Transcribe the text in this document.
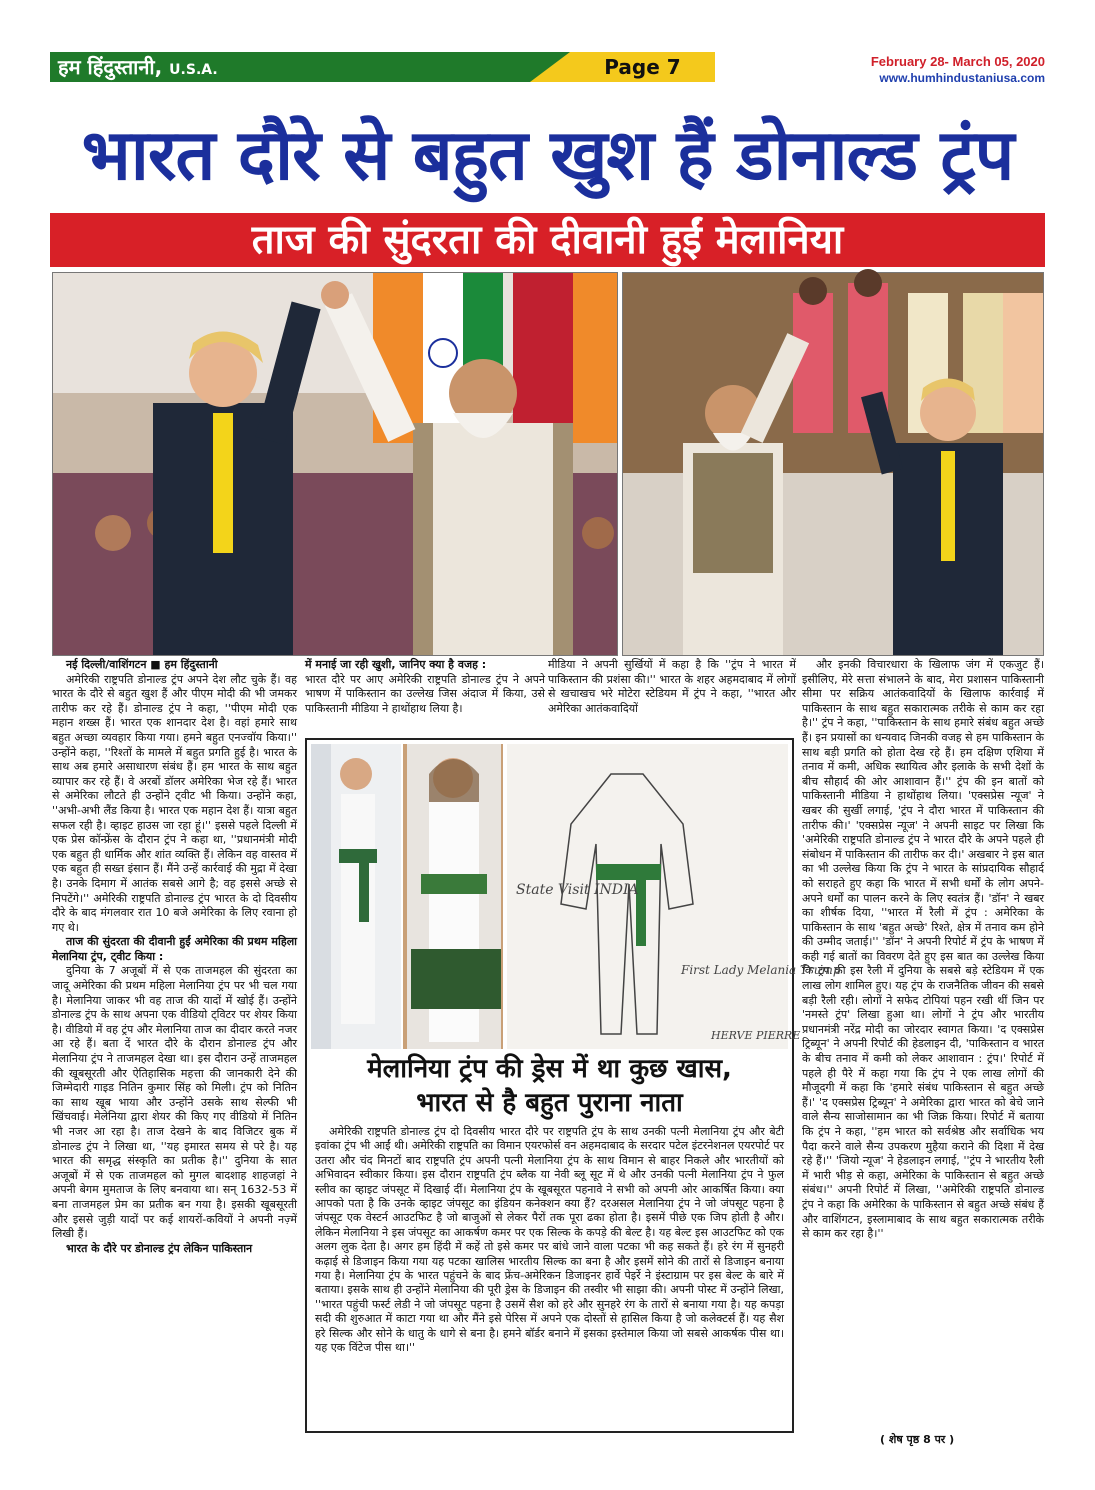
हम हिंदुस्तानी, U.S.A.	Page 7	February 28- March 05, 2020
www.humhindustaniusa.com
भारत दौरे से बहुत खुश हैं डोनाल्ड ट्रंप
ताज की सुंदरता की दीवानी हुईं मेलानिया

नई दिल्ली/वाशिंगटन ■ हम हिंदुस्तानी

अमेरिकी राष्ट्रपति डोनाल्ड ट्रंप अपने देश लौट चुके हैं। वह भारत के दौरे से बहुत खुश हैं और पीएम मोदी की भी जमकर तारीफ कर रहे हैं। डोनाल्ड ट्रंप ने कहा, ''पीएम मोदी एक महान शख्स हैं। भारत एक शानदार देश है। वहां हमारे साथ बहुत अच्छा व्यवहार किया गया। हमने बहुत एनज्वॉय किया।'' उन्होंने कहा, ''रिश्तों के मामले में बहुत प्रगति हुई है। भारत के साथ अब हमारे असाधारण संबंध हैं। हम भारत के साथ बहुत व्यापार कर रहे हैं। वे अरबों डॉलर अमेरिका भेज रहे हैं। भारत से अमेरिका लौटते ही उन्होंने ट्वीट भी किया। उन्होंने कहा, ''अभी-अभी लैंड किया है। भारत एक महान देश हैं। यात्रा बहुत सफल रही है। व्हाइट हाउस जा रहा हूं।'' इससे पहले दिल्ली में एक प्रेस कॉन्फ्रेंस के दौरान ट्रंप ने कहा था, ''प्रधानमंत्री मोदी एक बहुत ही धार्मिक और शांत व्यक्ति हैं। लेकिन वह वास्तव में एक बहुत ही सख्त इंसान हैं। मैंने उन्हें कार्रवाई की मुद्रा में देखा है। उनके दिमाग में आतंक सबसे आगे है; वह इससे अच्छे से निपटेंगे।'' अमेरिकी राष्ट्रपति डोनाल्ड ट्रंप भारत के दो दिवसीय दौरे के बाद मंगलवार रात 10 बजे अमेरिका के लिए रवाना हो गए थे।

ताज की सुंदरता की दीवानी हुईं अमेरिका की प्रथम महिला मेलानिया ट्रंप, ट्वीट किया :

दुनिया के 7 अजूबों में से एक ताजमहल की सुंदरता का जादू अमेरिका की प्रथम महिला मेलानिया ट्रंप पर भी चल गया है। मेलानिया जाकर भी वह ताज की यादों में खोई हैं। उन्होंने डोनाल्ड ट्रंप के साथ अपना एक वीडियो ट्विटर पर शेयर किया है। वीडियो में वह ट्रंप और मेलानिया ताज का दीदार करते नजर आ रहे हैं। बता दें भारत दौरे के दौरान डोनाल्ड ट्रंप और मेलानिया ट्रंप ने ताजमहल देखा था। इस दौरान उन्हें ताजमहल की खूबसूरती और ऐतिहासिक महत्ता की जानकारी देने की जिम्मेदारी गाइड नितिन कुमार सिंह को मिली। ट्रंप को नितिन का साथ खूब भाया और उन्होंने उसके साथ सेल्फी भी खिंचवाई। मेलेनिया द्वारा शेयर की किए गए वीडियो में नितिन भी नजर आ रहा है। ताज देखने के बाद विजिटर बुक में डोनाल्ड ट्रंप ने लिखा था, ''यह इमारत समय से परे है। यह भारत की समृद्ध संस्कृति का प्रतीक है।'' दुनिया के सात अजूबों में से एक ताजमहल को मुगल बादशाह शाहजहां ने अपनी बेगम मुमताज के लिए बनवाया था। सन् 1632-53 में बना ताजमहल प्रेम का प्रतीक बन गया है। इसकी खूबसूरती और इससे जुड़ी यादों पर कई शायरों-कवियों ने अपनी नज़्में लिखी हैं।

भारत के दौरे पर डोनाल्ड ट्रंप लेकिन पाकिस्तान

में मनाई जा रही खुशी, जानिए क्या है वजह :

भारत दौरे पर आए अमेरिकी राष्ट्रपति डोनाल्ड ट्रंप ने अपने भाषण में पाकिस्तान का उल्लेख जिस अंदाज में किया, उसे पाकिस्तानी मीडिया ने हाथोंहाथ लिया है।

मीडिया ने अपनी सुर्खियों में कहा है कि ''ट्रंप ने भारत में पाकिस्तान की प्रशंसा की।'' भारत के शहर अहमदाबाद में लोगों से खचाखच भरे मोटेरा स्टेडियम में ट्रंप ने कहा, ''भारत और अमेरिका आतंकवादियों

और इनकी विचारधारा के खिलाफ जंग में एकजुट हैं। इसीलिए, मेरे सत्ता संभालने के बाद, मेरा प्रशासन पाकिस्तानी सीमा पर सक्रिय आतंकवादियों के खिलाफ कार्रवाई में पाकिस्तान के साथ बहुत सकारात्मक तरीके से काम कर रहा है।'' ट्रंप ने कहा, ''पाकिस्तान के साथ हमारे संबंध बहुत अच्छे हैं। इन प्रयासों का धन्यवाद जिनकी वजह से हम पाकिस्तान के साथ बड़ी प्रगति को होता देख रहे हैं। हम दक्षिण एशिया में तनाव में कमी, अधिक स्थायित्व और इलाके के सभी देशों के बीच सौहार्द की ओर आशावान हैं।'' ट्रंप की इन बातों को पाकिस्तानी मीडिया ने हाथोंहाथ लिया। 'एक्सप्रेस न्यूज' ने खबर की सुर्खी लगाई, 'ट्रंप ने दौरा भारत में पाकिस्तान की तारीफ की।' 'एक्सप्रेस न्यूज' ने अपनी साइट पर लिखा कि 'अमेरिकी राष्ट्रपति डोनाल्ड ट्रंप ने भारत दौरे के अपने पहले ही संबोधन में पाकिस्तान की तारीफ कर दी।' अखबार ने इस बात का भी उल्लेख किया कि ट्रंप ने भारत के सांप्रदायिक सौहार्द को सराहते हुए कहा कि भारत में सभी धर्मों के लोग अपने-अपने धर्मों का पालन करने के लिए स्वतंत्र हैं। 'डॉन' ने खबर का शीर्षक दिया, ''भारत में रैली में ट्रंप : अमेरिका के पाकिस्तान के साथ 'बहुत अच्छे' रिश्ते, क्षेत्र में तनाव कम होने की उम्मीद जताई।'' 'डॉन' ने अपनी रिपोर्ट में ट्रंप के भाषण में कही गई बातों का विवरण देते हुए इस बात का उल्लेख किया कि ट्रंप की इस रैली में दुनिया के सबसे बड़े स्टेडियम में एक लाख लोग शामिल हुए। यह ट्रंप के राजनैतिक जीवन की सबसे बड़ी रैली रही। लोगों ने सफेद टोपियां पहन रखी थीं जिन पर 'नमस्ते ट्रंप' लिखा हुआ था। लोगों ने ट्रंप और भारतीय प्रधानमंत्री नरेंद्र मोदी का जोरदार स्वागत किया। 'द एक्सप्रेस ट्रिब्यून' ने अपनी रिपोर्ट की हेडलाइन दी, 'पाकिस्तान व भारत के बीच तनाव में कमी को लेकर आशावान : ट्रंप।' रिपोर्ट में पहले ही पैरे में कहा गया कि ट्रंप ने एक लाख लोगों की मौजूदगी में कहा कि 'हमारे संबंध पाकिस्तान से बहुत अच्छे हैं।' 'द एक्सप्रेस ट्रिब्यून' ने अमेरिका द्वारा भारत को बेचे जाने वाले सैन्य साजोसामान का भी जिक्र किया। रिपोर्ट में बताया कि ट्रंप ने कहा, ''हम भारत को सर्वश्रेष्ठ और सर्वाधिक भय पैदा करने वाले सैन्य उपकरण मुहैया कराने की दिशा में देख रहे हैं।'' 'जियो न्यूज' ने हेडलाइन लगाई, ''ट्रंप ने भारतीय रैली में भारी भीड़ से कहा, अमेरिका के पाकिस्तान से बहुत अच्छे संबंध।'' अपनी रिपोर्ट में लिखा, ''अमेरिकी राष्ट्रपति डोनाल्ड ट्रंप ने कहा कि अमेरिका के पाकिस्तान से बहुत अच्छे संबंध हैं और वाशिंगटन, इस्लामाबाद के साथ बहुत सकारात्मक तरीके से काम कर रहा है।''

State Visit INDIA
First Lady Melania Trump
HERVE PIERRE
मेलानिया ट्रंप की ड्रेस में था कुछ खास,
भारत से है बहुत पुराना नाता
अमेरिकी राष्ट्रपति डोनाल्ड ट्रंप दो दिवसीय भारत दौरे पर राष्ट्रपति ट्रंप के साथ उनकी पत्नी मेलानिया ट्रंप और बेटी इवांका ट्रंप भी आईं थी। अमेरिकी राष्ट्रपति का विमान एयरफोर्स वन अहमदाबाद के सरदार पटेल इंटरनेशनल एयरपोर्ट पर उतरा और चंद मिनटों बाद राष्ट्रपति ट्रंप अपनी पत्नी मेलानिया ट्रंप के साथ विमान से बाहर निकले और भारतीयों को अभिवादन स्वीकार किया। इस दौरान राष्ट्रपति ट्रंप ब्लैक या नेवी ब्लू सूट में थे और उनकी पत्नी मेलानिया ट्रंप ने फुल स्लीव का व्हाइट जंपसूट में दिखाई दीं। मेलानिया ट्रंप के खूबसूरत पहनावे ने सभी को अपनी ओर आकर्षित किया। क्या आपको पता है कि उनके व्हाइट जंपसूट का इंडियन कनेक्शन क्या हैं? दरअसल मेलानिया ट्रंप ने जो जंपसूट पहना है जंपसूट एक वेस्टर्न आउटफिट है जो बाजुओं से लेकर पैरों तक पूरा ढका होता है। इसमें पीछे एक जिप होती है और। लेकिन मेलानिया ने इस जंपसूट का आकर्षण कमर पर एक सिल्क के कपड़े की बेल्ट है। यह बेल्ट इस आउटफिट को एक अलग लुक देता है। अगर हम हिंदी में कहें तो इसे कमर पर बांधे जाने वाला पटका भी कह सकते हैं। हरे रंग में सुनहरी कढ़ाई से डिजाइन किया गया यह पटका खालिस भारतीय सिल्क का बना है और इसमें सोने की तारों से डिजाइन बनाया गया है। मेलानिया ट्रंप के भारत पहुंचने के बाद फ्रेंच-अमेरिकन डिजाइनर हार्वे पेइर्रे ने इंस्टाग्राम पर इस बेल्ट के बारे में बताया। इसके साथ ही उन्होंने मेलानिया की पूरी ड्रेस के डिजाइन की तस्वीर भी साझा की। अपनी पोस्ट में उन्होंने लिखा, ''भारत पहुंची फर्स्ट लेडी ने जो जंपसूट पहना है उसमें सैश को हरे और सुनहरे रंग के तारों से बनाया गया है। यह कपड़ा सदी की शुरुआत में काटा गया था और मैंने इसे पेरिस में अपने एक दोस्तों से हासिल किया है जो कलेक्टर्स हैं। यह सैश हरे सिल्क और सोने के धातु के धागे से बना है। हमने बॉर्डर बनाने में इसका इस्तेमाल किया जो सबसे आकर्षक पीस था। यह एक विंटेज पीस था।''
( शेष पृष्ठ 8 पर )
